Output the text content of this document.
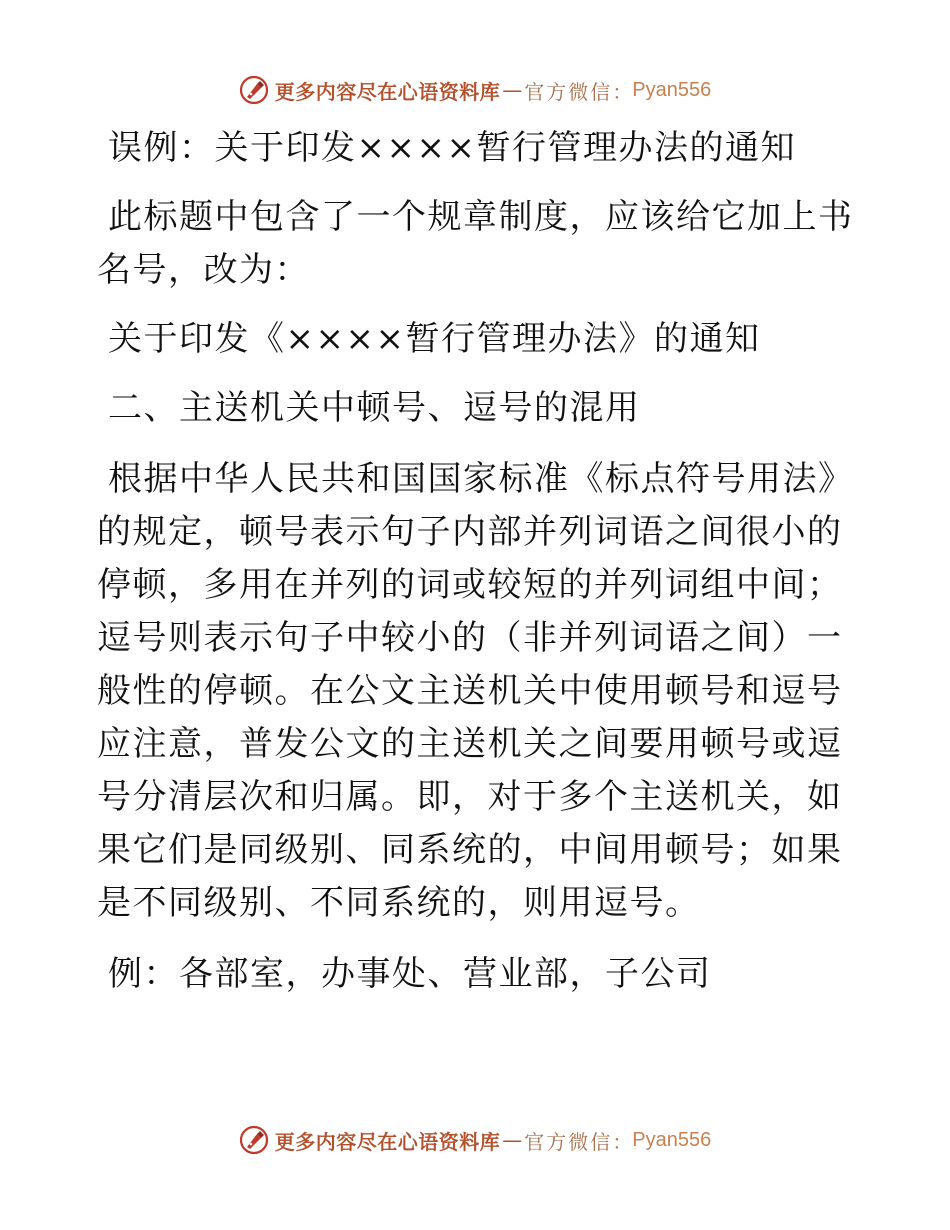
更多内容尽在心语资料库 — 官方微信 ： Pyan556

误例：关于印发××××暂行管理办法的通知

此标题中包含了一个规章制度，应该给它加上书名号，改为：

关于印发《××××暂行管理办法》的通知

二、主送机关中顿号、逗号的混用

根据中华人民共和国国家标准《标点符号用法》的规定，顿号表示句子内部并列词语之间很小的停顿，多用在并列的词或较短的并列词组中间；逗号则表示句子中较小的（非并列词语之间）一般性的停顿。在公文主送机关中使用顿号和逗号应注意，普发公文的主送机关之间要用顿号或逗号分清层次和归属。即，对于多个主送机关，如果它们是同级别、同系统的，中间用顿号；如果是不同级别、不同系统的，则用逗号。

例：各部室，办事处、营业部，子公司

更多内容尽在心语资料库 — 官方微信 ： Pyan556
